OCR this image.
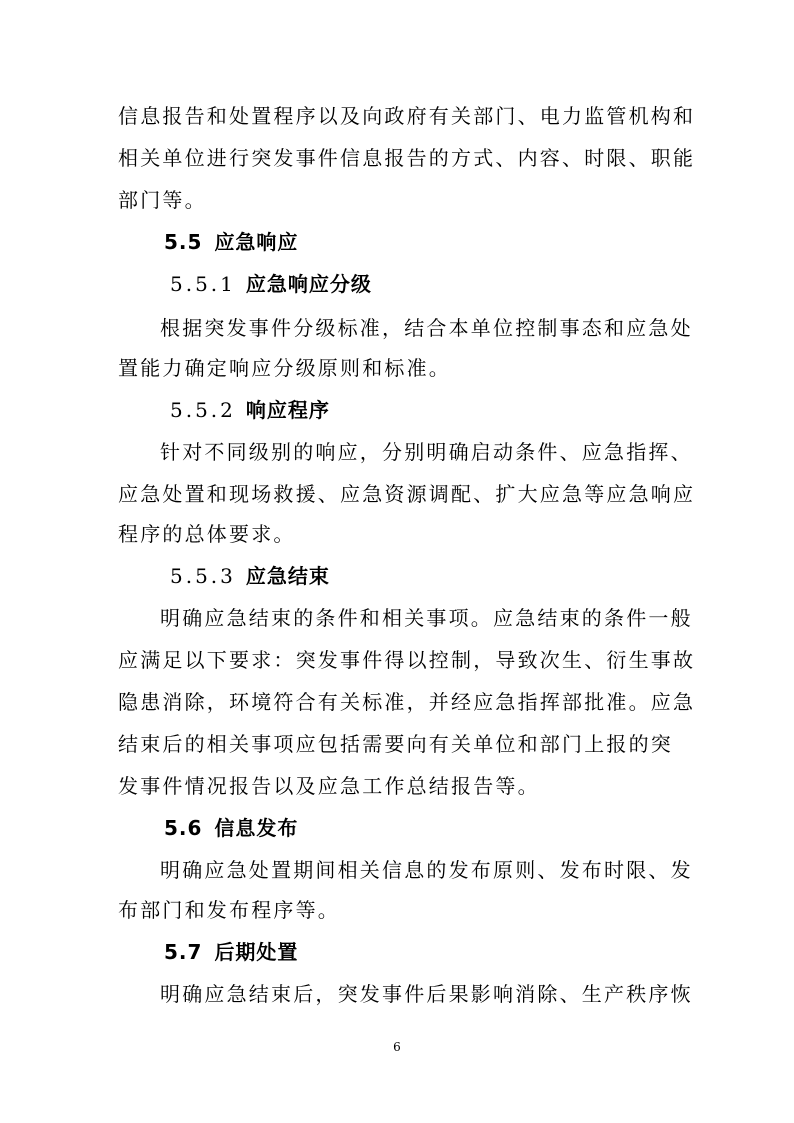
信息报告和处置程序以及向政府有关部门、电力监管机构和
相关单位进行突发事件信息报告的方式、内容、时限、职能
部门等。
5.5 应急响应
5.5.1 应急响应分级
根据突发事件分级标准，结合本单位控制事态和应急处
置能力确定响应分级原则和标准。
5.5.2 响应程序
针对不同级别的响应，分别明确启动条件、应急指挥、
应急处置和现场救援、应急资源调配、扩大应急等应急响应
程序的总体要求。
5.5.3 应急结束
明确应急结束的条件和相关事项。应急结束的条件一般
应满足以下要求：突发事件得以控制，导致次生、衍生事故
隐患消除，环境符合有关标准，并经应急指挥部批准。应急
结束后的相关事项应包括需要向有关单位和部门上报的突
发事件情况报告以及应急工作总结报告等。
5.6 信息发布
明确应急处置期间相关信息的发布原则、发布时限、发
布部门和发布程序等。
5.7 后期处置
明确应急结束后，突发事件后果影响消除、生产秩序恢
6
